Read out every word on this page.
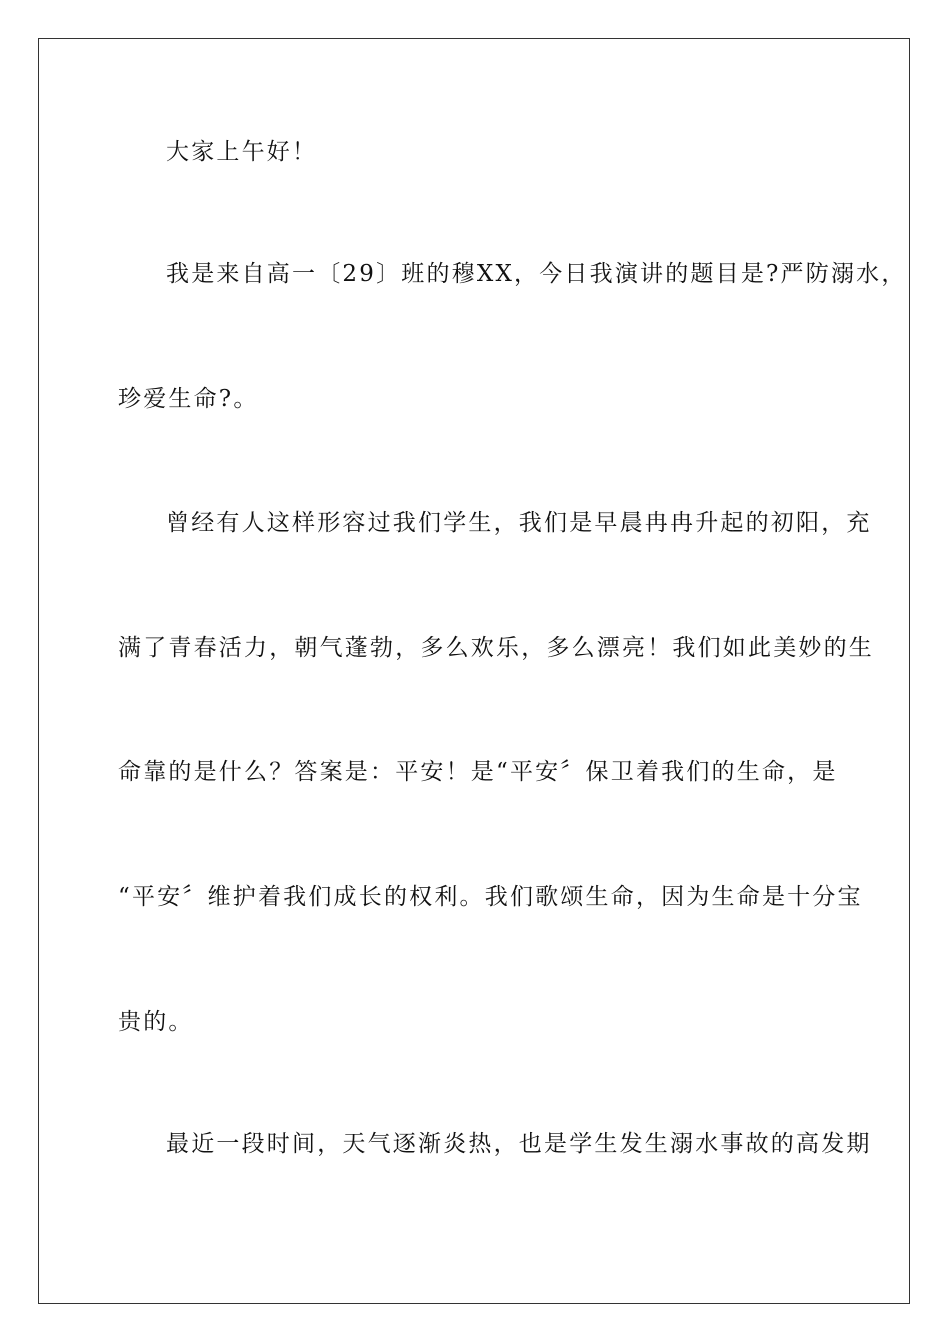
大家上午好！
我是来自高一〔29〕班的穆XX，今日我演讲的题目是?严防溺水，
珍爱生命?。
曾经有人这样形容过我们学生，我们是早晨冉冉升起的初阳，充
满了青春活力，朝气蓬勃，多么欢乐，多么漂亮！我们如此美妙的生
命靠的是什么？答案是：平安！是“平安〞保卫着我们的生命，是
“平安〞维护着我们成长的权利。我们歌颂生命，因为生命是十分宝
贵的。
最近一段时间，天气逐渐炎热，也是学生发生溺水事故的高发期
